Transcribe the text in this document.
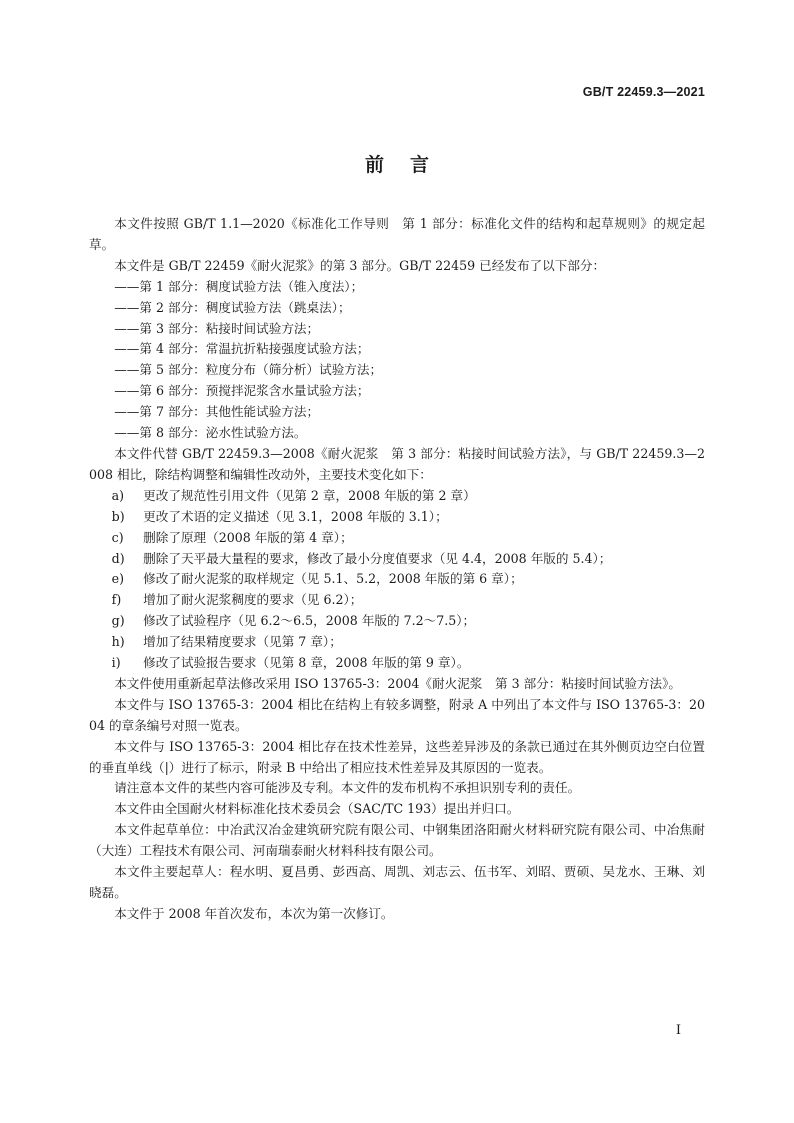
GB/T 22459.3—2021
前言

本文件按照 GB/T 1.1—2020《标准化工作导则　第 1 部分：标准化文件的结构和起草规则》的规定起草。

本文件是 GB/T 22459《耐火泥浆》的第 3 部分。GB/T 22459 已经发布了以下部分：

—— 第 1 部分：稠度试验方法（锥入度法）；

—— 第 2 部分：稠度试验方法（跳桌法）；

—— 第 3 部分：粘接时间试验方法；

—— 第 4 部分：常温抗折粘接强度试验方法；

—— 第 5 部分：粒度分布（筛分析）试验方法；

—— 第 6 部分：预搅拌泥浆含水量试验方法；

—— 第 7 部分：其他性能试验方法；

—— 第 8 部分：泌水性试验方法。

本文件代替 GB/T 22459.3—2008《耐火泥浆　第 3 部分：粘接时间试验方法》，与 GB/T 22459.3—2008 相比，除结构调整和编辑性改动外，主要技术变化如下：

a) 更改了规范性引用文件（见第 2 章，2008 年版的第 2 章）

b) 更改了术语的定义描述（见 3.1，2008 年版的 3.1）；

c) 删除了原理（2008 年版的第 4 章）；

d) 删除了天平最大量程的要求，修改了最小分度值要求（见 4.4，2008 年版的 5.4）；

e) 修改了耐火泥浆的取样规定（见 5.1、5.2，2008 年版的第 6 章）；

f) 增加了耐火泥浆稠度的要求（见 6.2）；

g) 修改了试验程序（见 6.2～6.5，2008 年版的 7.2～7.5）；

h) 增加了结果精度要求（见第 7 章）；

i) 修改了试验报告要求（见第 8 章，2008 年版的第 9 章）。

本文件使用重新起草法修改采用 ISO 13765-3：2004《耐火泥浆　第 3 部分：粘接时间试验方法》。

本文件与 ISO 13765-3：2004 相比在结构上有较多调整，附录 A 中列出了本文件与 ISO 13765-3：2004 的章条编号对照一览表。

本文件与 ISO 13765-3：2004 相比存在技术性差异，这些差异涉及的条款已通过在其外侧页边空白位置的垂直单线（|）进行了标示，附录 B 中给出了相应技术性差异及其原因的一览表。

请注意本文件的某些内容可能涉及专利。本文件的发布机构不承担识别专利的责任。

本文件由全国耐火材料标准化技术委员会（SAC/TC 193）提出并归口。

本文件起草单位：中冶武汉冶金建筑研究院有限公司、中钢集团洛阳耐火材料研究院有限公司、中冶焦耐（大连）工程技术有限公司、河南瑞泰耐火材料科技有限公司。

本文件主要起草人：程水明、夏昌勇、彭西高、周凯、刘志云、伍书军、刘昭、贾硕、吴龙水、王琳、刘晓磊。

本文件于 2008 年首次发布，本次为第一次修订。

I
